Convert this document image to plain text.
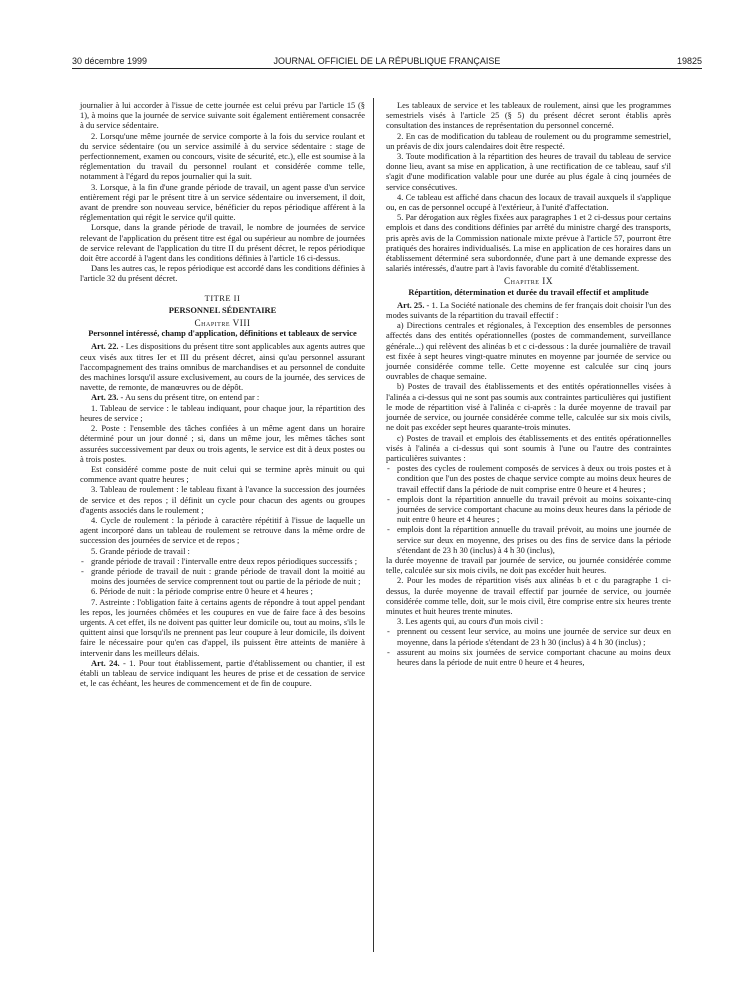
30 décembre 1999	JOURNAL OFFICIEL DE LA RÉPUBLIQUE FRANÇAISE	19825

journalier à lui accorder à l'issue de cette journée est celui prévu par l'article 15 (§ 1), à moins que la journée de service suivante soit également entièrement consacrée à du service sédentaire.

2. Lorsqu'une même journée de service comporte à la fois du service roulant et du service sédentaire (ou un service assimilé à du service sédentaire : stage de perfectionnement, examen ou concours, visite de sécurité, etc.), elle est soumise à la réglementation du travail du personnel roulant et considérée comme telle, notamment à l'égard du repos journalier qui la suit.

3. Lorsque, à la fin d'une grande période de travail, un agent passe d'un service entièrement régi par le présent titre à un service sédentaire ou inversement, il doit, avant de prendre son nouveau service, bénéficier du repos périodique afférent à la réglementation qui régit le service qu'il quitte.

Lorsque, dans la grande période de travail, le nombre de journées de service relevant de l'application du présent titre est égal ou supérieur au nombre de journées de service relevant de l'application du titre II du présent décret, le repos périodique doit être accordé à l'agent dans les conditions définies à l'article 16 ci-dessus.

Dans les autres cas, le repos périodique est accordé dans les conditions définies à l'article 32 du présent décret.

TITRE II

PERSONNEL SÉDENTAIRE

Chapitre VIII

Personnel intéressé, champ d'application, définitions et tableaux de service

Art. 22. - Les dispositions du présent titre sont applicables aux agents autres que ceux visés aux titres Ier et III du présent décret, ainsi qu'au personnel assurant l'accompagnement des trains omnibus de marchandises et au personnel de conduite des machines lorsqu'il assure exclusivement, au cours de la journée, des services de navette, de remonte, de manœuvres ou de dépôt.

Art. 23. - Au sens du présent titre, on entend par :

1. Tableau de service : le tableau indiquant, pour chaque jour, la répartition des heures de service ;

2. Poste : l'ensemble des tâches confiées à un même agent dans un horaire déterminé pour un jour donné ; si, dans un même jour, les mêmes tâches sont assurées successivement par deux ou trois agents, le service est dit à deux postes ou à trois postes.

Est considéré comme poste de nuit celui qui se termine après minuit ou qui commence avant quatre heures ;

3. Tableau de roulement : le tableau fixant à l'avance la succession des journées de service et des repos ; il définit un cycle pour chacun des agents ou groupes d'agents associés dans le roulement ;

4. Cycle de roulement : la période à caractère répétitif à l'issue de laquelle un agent incorporé dans un tableau de roulement se retrouve dans la même ordre de succession des journées de service et de repos ;

5. Grande période de travail :

- grande période de travail : l'intervalle entre deux repos périodiques successifs ;
- grande période de travail de nuit : grande période de travail dont la moitié au moins des journées de service comprennent tout ou partie de la période de nuit ;

6. Période de nuit : la période comprise entre 0 heure et 4 heures ;

7. Astreinte : l'obligation faite à certains agents de répondre à tout appel pendant les repos, les journées chômées et les coupures en vue de faire face à des besoins urgents. A cet effet, ils ne doivent pas quitter leur domicile ou, tout au moins, s'ils le quittent ainsi que lorsqu'ils ne prennent pas leur coupure à leur domicile, ils doivent faire le nécessaire pour qu'en cas d'appel, ils puissent être atteints de manière à intervenir dans les meilleurs délais.

Art. 24. - 1. Pour tout établissement, partie d'établissement ou chantier, il est établi un tableau de service indiquant les heures de prise et de cessation de service et, le cas échéant, les heures de commencement et de fin de coupure.

Les tableaux de service et les tableaux de roulement, ainsi que les programmes semestriels visés à l'article 25 (§ 5) du présent décret seront établis après consultation des instances de représentation du personnel concerné.

2. En cas de modification du tableau de roulement ou du programme semestriel, un préavis de dix jours calendaires doit être respecté.

3. Toute modification à la répartition des heures de travail du tableau de service donne lieu, avant sa mise en application, à une rectification de ce tableau, sauf s'il s'agit d'une modification valable pour une durée au plus égale à cinq journées de service consécutives.

4. Ce tableau est affiché dans chacun des locaux de travail auxquels il s'applique ou, en cas de personnel occupé à l'extérieur, à l'unité d'affectation.

5. Par dérogation aux règles fixées aux paragraphes 1 et 2 ci-dessus pour certains emplois et dans des conditions définies par arrêté du ministre chargé des transports, pris après avis de la Commission nationale mixte prévue à l'article 57, pourront être pratiqués des horaires individualisés. La mise en application de ces horaires dans un établissement déterminé sera subordonnée, d'une part à une demande expresse des salariés intéressés, d'autre part à l'avis favorable du comité d'établissement.

Chapitre IX

Répartition, détermination et durée du travail effectif et amplitude

Art. 25. - 1. La Société nationale des chemins de fer français doit choisir l'un des modes suivants de la répartition du travail effectif :

a) Directions centrales et régionales, à l'exception des ensembles de personnes affectés dans des entités opérationnelles (postes de commandement, surveillance générale...) qui relèvent des alinéas b et c ci-dessous : la durée journalière de travail est fixée à sept heures vingt-quatre minutes en moyenne par journée de service ou journée considérée comme telle. Cette moyenne est calculée sur cinq jours ouvrables de chaque semaine.

b) Postes de travail des établissements et des entités opérationnelles visées à l'alinéa a ci-dessus qui ne sont pas soumis aux contraintes particulières qui justifient le mode de répartition visé à l'alinéa c ci-après : la durée moyenne de travail par journée de service, ou journée considérée comme telle, calculée sur six mois civils, ne doit pas excéder sept heures quarante-trois minutes.

c) Postes de travail et emplois des établissements et des entités opérationnelles visés à l'alinéa a ci-dessus qui sont soumis à l'une ou l'autre des contraintes particulières suivantes :

- postes des cycles de roulement composés de services à deux ou trois postes et à condition que l'un des postes de chaque service compte au moins deux heures de travail effectif dans la période de nuit comprise entre 0 heure et 4 heures ;
- emplois dont la répartition annuelle du travail prévoit au moins soixante-cinq journées de service comportant chacune au moins deux heures dans la période de nuit entre 0 heure et 4 heures ;
- emplois dont la répartition annuelle du travail prévoit, au moins une journée de service sur deux en moyenne, des prises ou des fins de service dans la période s'étendant de 23 h 30 (inclus) à 4 h 30 (inclus),

la durée moyenne de travail par journée de service, ou journée considérée comme telle, calculée sur six mois civils, ne doit pas excéder huit heures.

2. Pour les modes de répartition visés aux alinéas b et c du paragraphe 1 ci-dessus, la durée moyenne de travail effectif par journée de service, ou journée considérée comme telle, doit, sur le mois civil, être comprise entre six heures trente minutes et huit heures trente minutes.

3. Les agents qui, au cours d'un mois civil :

- prennent ou cessent leur service, au moins une journée de service sur deux en moyenne, dans la période s'étendant de 23 h 30 (inclus) à 4 h 30 (inclus) ;
- assurent au moins six journées de service comportant chacune au moins deux heures dans la période de nuit entre 0 heure et 4 heures,
